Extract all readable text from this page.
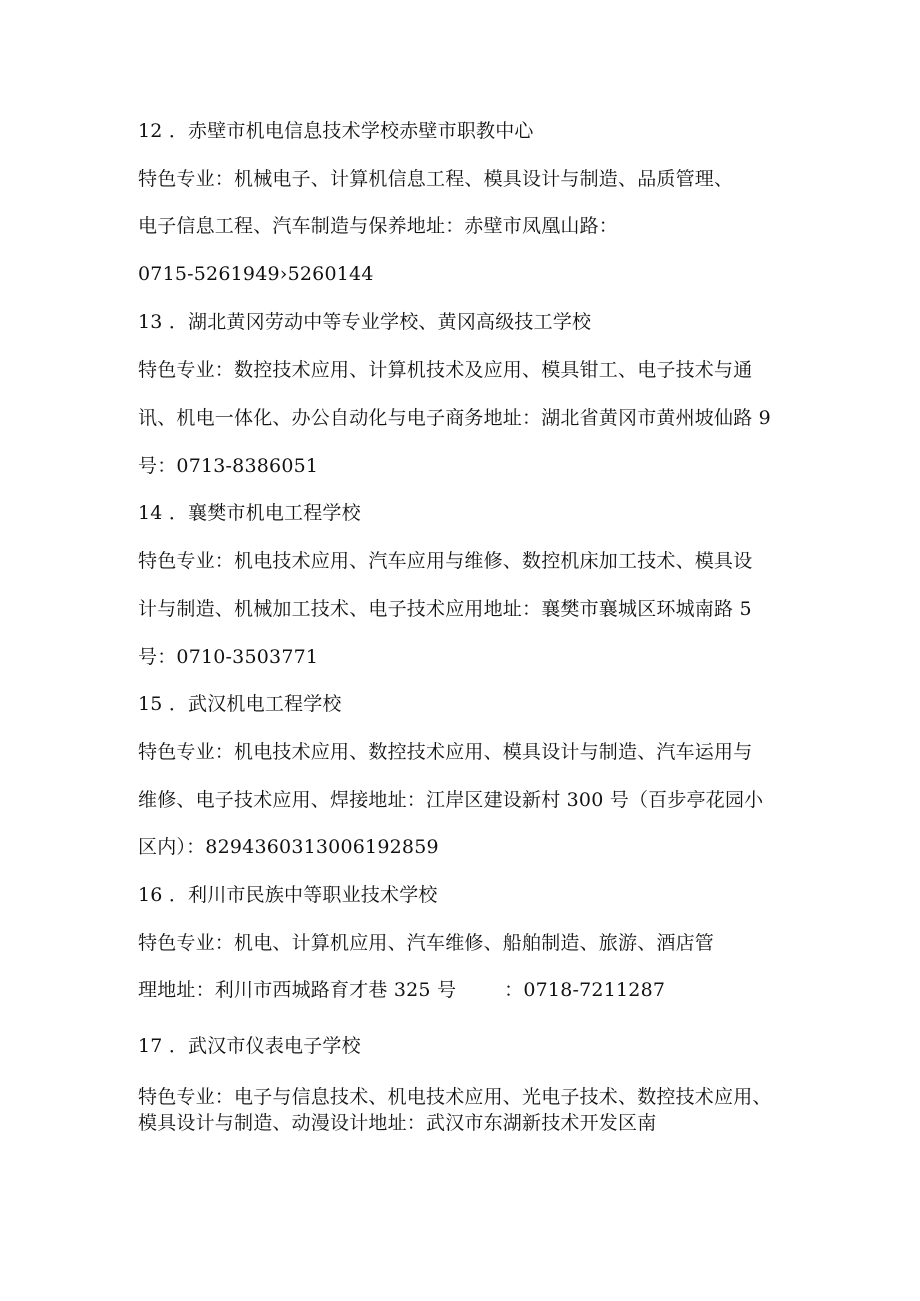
12 ．赤壁市机电信息技术学校赤壁市职教中心
特色专业：机械电子、计算机信息工程、模具设计与制造、品质管理、
电子信息工程、汽车制造与保养地址：赤壁市凤凰山路：
0715-5261949›5260144
13 ．湖北黄冈劳动中等专业学校、黄冈高级技工学校
特色专业：数控技术应用、计算机技术及应用、模具钳工、电子技术与通
讯、机电一体化、办公自动化与电子商务地址：湖北省黄冈市黄州坡仙路 9
号：0713-8386051
14 ．襄樊市机电工程学校
特色专业：机电技术应用、汽车应用与维修、数控机床加工技术、模具设
计与制造、机械加工技术、电子技术应用地址：襄樊市襄城区环城南路 5
号：0710-3503771
15 ．武汉机电工程学校
特色专业：机电技术应用、数控技术应用、模具设计与制造、汽车运用与
维修、电子技术应用、焊接地址：江岸区建设新村 300 号（百步亭花园小
区内）：8294360313006192859
16 ．利川市民族中等职业技术学校
特色专业：机电、计算机应用、汽车维修、船舶制造、旅游、酒店管
理地址：利川市西城路育才巷 325 号	：0718-7211287
17 ．武汉市仪表电子学校
特色专业：电子与信息技术、机电技术应用、光电子技术、数控技术应用、
模具设计与制造、动漫设计地址：武汉市东湖新技术开发区南
